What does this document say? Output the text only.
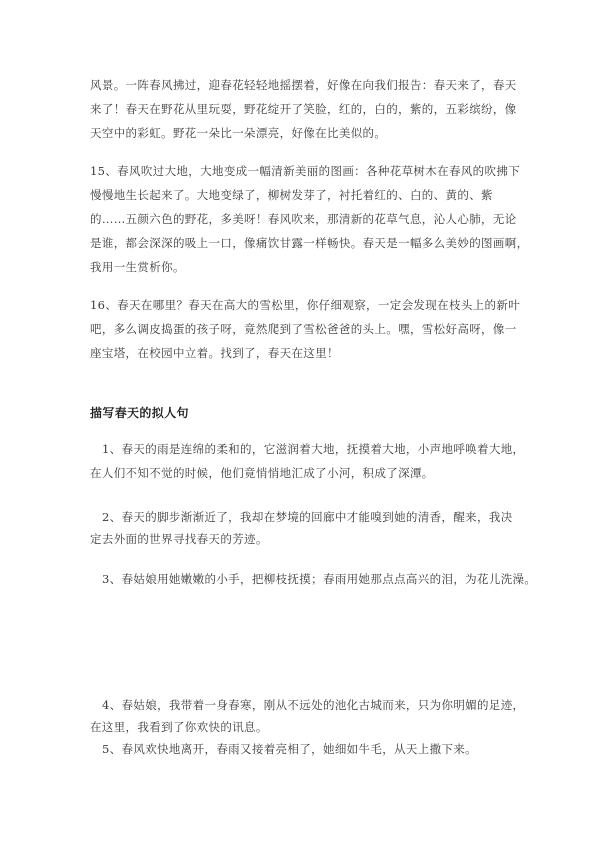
风景。一阵春风拂过，迎春花轻轻地摇摆着，好像在向我们报告：春天来了，春天
来了！春天在野花从里玩耍，野花绽开了笑脸，红的，白的，紫的，五彩缤纷，像
天空中的彩虹。野花一朵比一朵漂亮，好像在比美似的。
15、春风吹过大地，大地变成一幅清新美丽的图画：各种花草树木在春风的吹拂下
慢慢地生长起来了。大地变绿了，柳树发芽了，衬托着红的、白的、黄的、紫
的……五颜六色的野花，多美呀！春风吹来，那清新的花草气息，沁人心肺，无论
是谁，都会深深的吸上一口，像痛饮甘露一样畅快。春天是一幅多么美妙的图画啊，
我用一生赏析你。
16、春天在哪里？春天在高大的雪松里，你仔细观察，一定会发现在枝头上的新叶
吧，多么调皮捣蛋的孩子呀，竟然爬到了雪松爸爸的头上。嘿，雪松好高呀，像一
座宝塔，在校园中立着。找到了，春天在这里！
描写春天的拟人句
1、春天的雨是连绵的柔和的，它滋润着大地，抚摸着大地，小声地呼唤着大地，
在人们不知不觉的时候，他们竟悄悄地汇成了小河，积成了深潭。
2、春天的脚步渐渐近了，我却在梦境的回廊中才能嗅到她的清香，醒来，我决
定去外面的世界寻找春天的芳迹。
3、春姑娘用她嫩嫩的小手，把柳枝抚摸；春雨用她那点点高兴的泪，为花儿洗澡。
4、春姑娘，我带着一身春寒，刚从不远处的池化古城而来，只为你明媚的足迹，
在这里，我看到了你欢快的讯息。
5、春风欢快地离开，春雨又接着亮相了，她细如牛毛，从天上撒下来。
